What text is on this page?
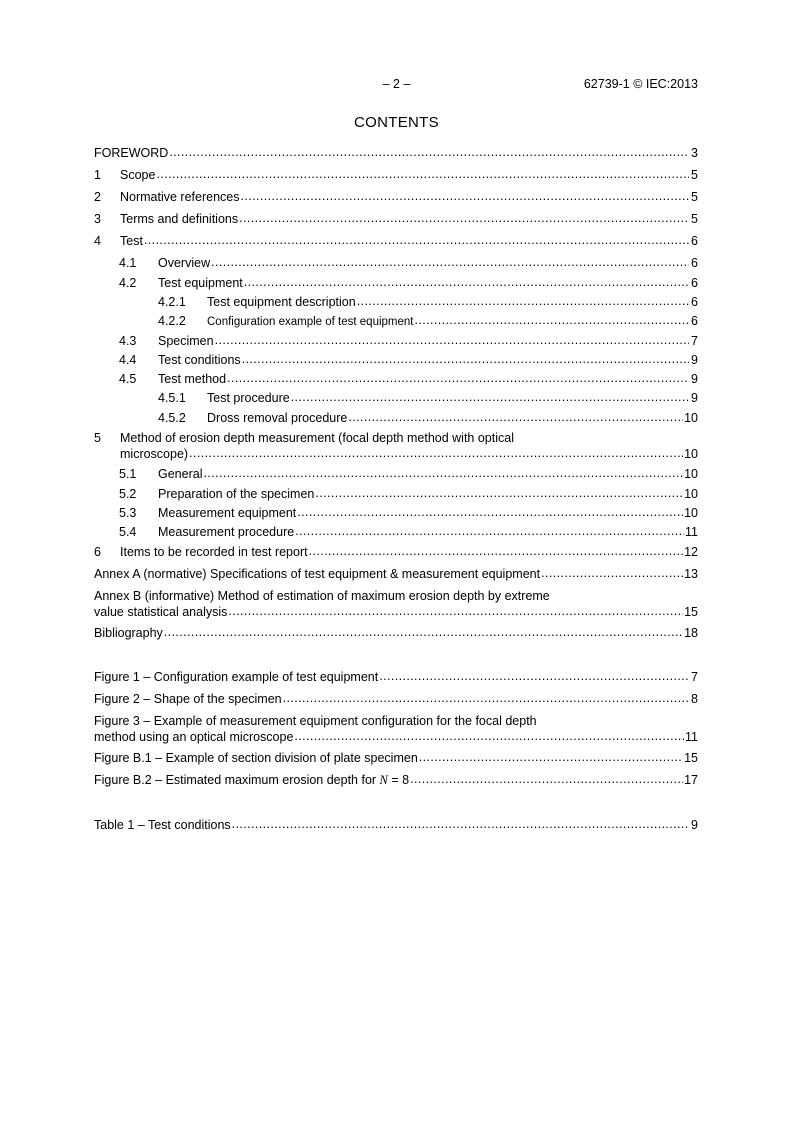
– 2 –	62739-1 © IEC:2013
CONTENTS
FOREWORD .....	3
1	Scope .....	5
2	Normative references .....	5
3	Terms and definitions .....	5
4	Test .....	6
4.1	Overview .....	6
4.2	Test equipment .....	6
4.2.1	Test equipment description .....	6
4.2.2	Configuration example of test equipment .....	6
4.3	Specimen .....	7
4.4	Test conditions .....	9
4.5	Test method .....	9
4.5.1	Test procedure .....	9
4.5.2	Dross removal procedure .....	10
5	Method of erosion depth measurement (focal depth method with optical
microscope) .....	10
5.1	General .....	10
5.2	Preparation of the specimen .....	10
5.3	Measurement equipment .....	10
5.4	Measurement procedure .....	11
6	Items to be recorded in test report .....	12
Annex A (normative) Specifications of test equipment & measurement equipment .....	13
Annex B (informative) Method of estimation of maximum erosion depth by extreme
value statistical analysis .....	15
Bibliography .....	18
Figure 1 – Configuration example of test equipment .....	7
Figure 2 – Shape of the specimen .....	8
Figure 3 – Example of measurement equipment configuration for the focal depth
method using an optical microscope .....	11
Figure B.1 – Example of section division of plate specimen .....	15
Figure B.2 – Estimated maximum erosion depth for N = 8 .....	17
Table 1 – Test conditions .....	9
